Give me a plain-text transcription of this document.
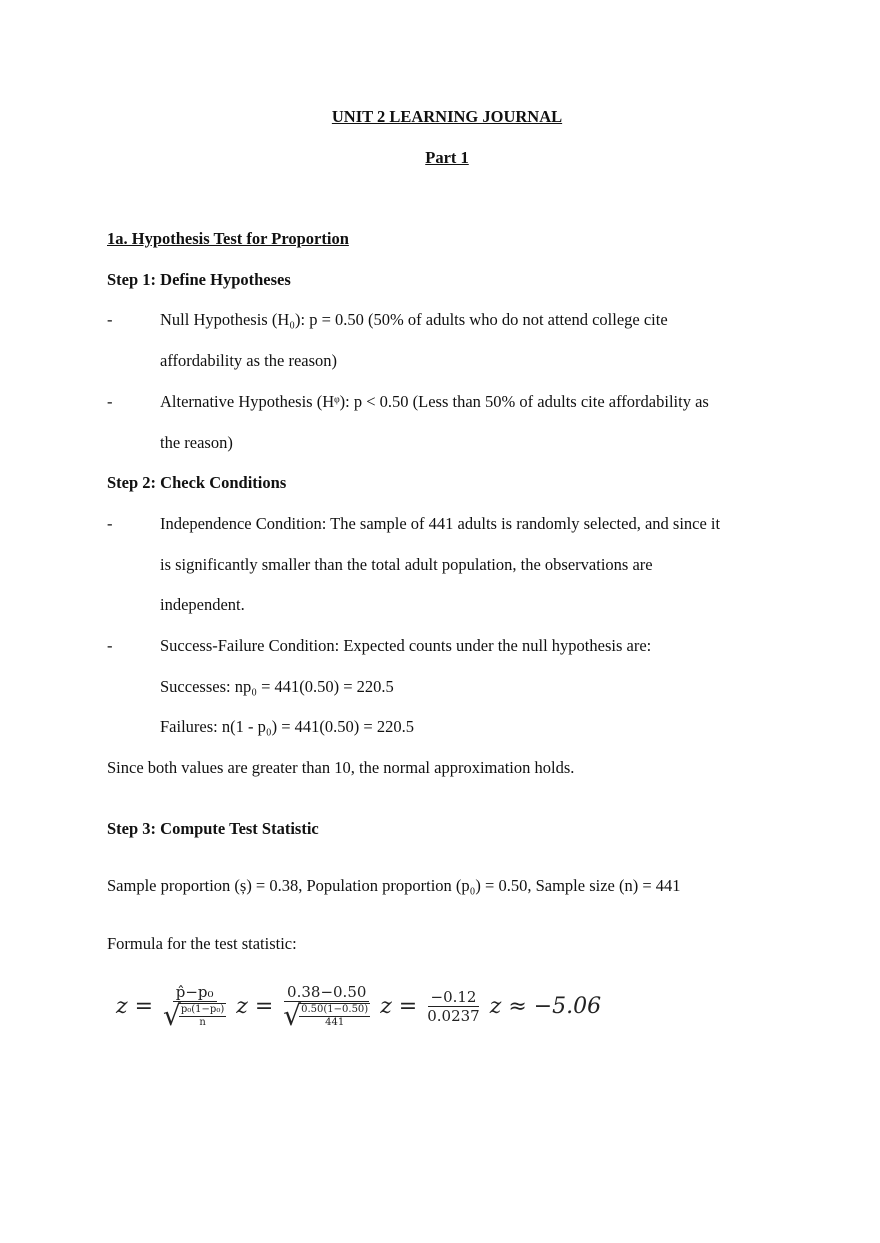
UNIT 2 LEARNING JOURNAL
Part 1
1a. Hypothesis Test for Proportion
Step 1: Define Hypotheses
-	Null Hypothesis (H₀): p = 0.50 (50% of adults who do not attend college cite
affordability as the reason)
-	Alternative Hypothesis (Hᵠ): p < 0.50 (Less than 50% of adults cite affordability as
the reason)
Step 2: Check Conditions
-	Independence Condition: The sample of 441 adults is randomly selected, and since it
is significantly smaller than the total adult population, the observations are
independent.
-	Success-Failure Condition: Expected counts under the null hypothesis are:
Successes: np₀ = 441(0.50) = 220.5
Failures: n(1 - p₀) = 441(0.50) = 220.5
Since both values are greater than 10, the normal approximation holds.
Step 3: Compute Test Statistic
Sample proportion (ș) = 0.38, Population proportion (p₀) = 0.50, Sample size (n) = 441
Formula for the test statistic:
z = p̂−p₀
√ p₀(1−p₀)
n z = 0.38−0.50
√ 0.50(1−0.50)
441 $z = \frac{-0.12}{0.0237}$ z ≈ −5.06
